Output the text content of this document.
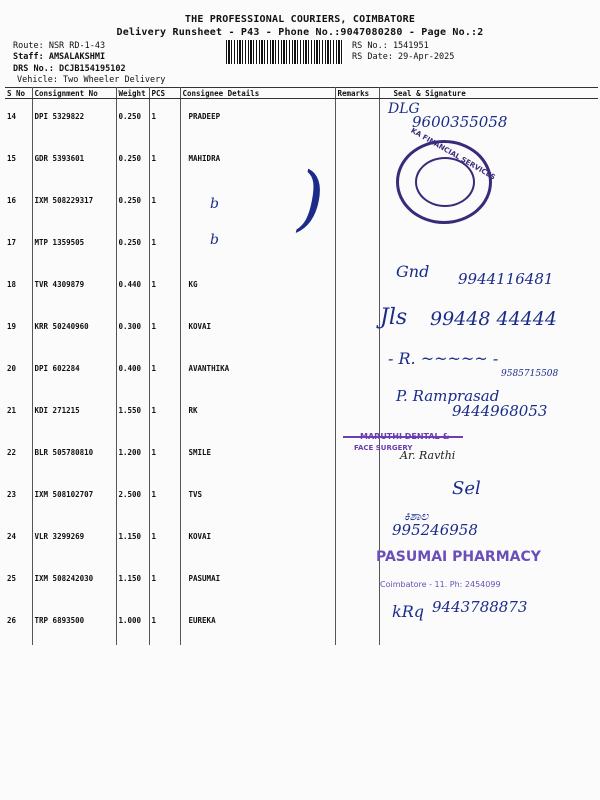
THE PROFESSIONAL COURIERS, COIMBATORE
Delivery Runsheet - P43 - Phone No.:9047080280 - Page No.:2
Route: NSR RD-1-43
Staff: AMSALAKSHMI
DRS No.: DCJB154195102
Vehicle: Two Wheeler Delivery
RS No.: 1541951
RS Date: 29-Apr-2025
S No	Consignment No	Weight	PCS	Consignee Details	Remarks	Seal & Signature
14	DPI 5329822	0.250	1	PRADEEP		
15	GDR 5393601	0.250	1	MAHIDRA		
16	IXM 508229317	0.250	1			
17	MTP 1359505	0.250	1			
18	TVR 4309879	0.440	1	KG		
19	KRR 50240960	0.300	1	KOVAI		
20	DPI 602284	0.400	1	AVANTHIKA		
21	KDI 271215	1.550	1	RK		
22	BLR 505780810	1.200	1	SMILE		
23	IXM 508102707	2.500	1	TVS		
24	VLR 3299269	1.150	1	KOVAI		
25	IXM 508242030	1.150	1	PASUMAI		
26	TRP 6893500	1.000	1	EUREKA		
DLG
9600355058
KA FINANCIAL SERVICES
b
b
)
Gnd 9944116481
Jls 99448 44444
- R. ~~~~~ -
9585715508
P. Ramprasad
9444968053
MARUTHI DENTAL &
FACE SURGERY
Ar. Ravthi
Sel
ಕಿಶಾಲ
995246958
PASUMAI PHARMACY
Coimbatore - 11. Ph: 2454099
kRq 9443788873
